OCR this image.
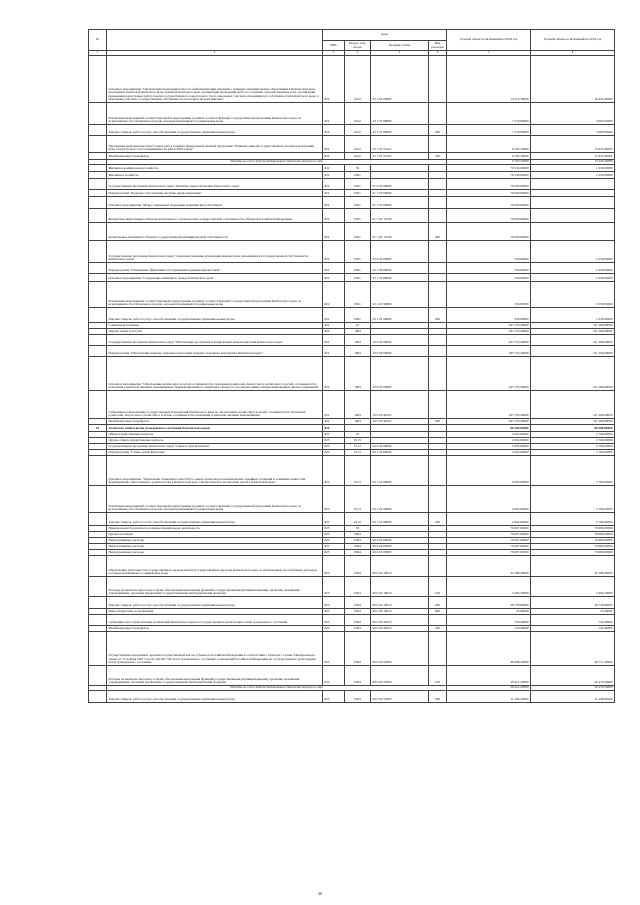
№		коды				Годовой объем ассигнований на 2018 год	Годовой объем ассигнований на 2019 год
		ГРБС	Раздел, под-раздел	Целевая статья	Вид расходов		
1	2	3	4	5	6	7	8
	Основное мероприятие "Организация проведения работ по информатизации сведений о границах муниципальных образований в Камчатском крае, населенных пунктов Камчатского края, границ Камчатского края, организация проведения работ по созданию опорной межевой сети, организация проведения кадастровых работ в целях государственного кадастрового учета земельных участков, находящихся в собственности Камчатского края, и земельных участков, государственная собственность на которые не разграничена"	822	0412	23 1 05 00000		14 375,39000	16 433,40000
	Реализация мероприятий соответствующей подпрограммы в рамках соответствующей государственной программы Камчатского края, за исключением обособленных расходов, которым присваиваются уникальные коды	822	0412	23 1 05 99990		7 579,69000	3 000,00000
	Закупка товаров, работ и услуг для обеспечения государственных (муниципальных) нужд	822	0412	23 1 05 99990	200	7 579,69000	3 000,00000
	Проведение комплексных кадастровых работ в рамках федеральной целевой программы "Развитие единой государственной системы регистрации прав и кадастрового учета недвижимости (2014-2019 годы)"	822	0412	23 1 05 55110		6 795,70000	13 433,40000
	Межбюджетные трансферты	822	0412	23 1 05 55110	500	6 795,70000	13 433,40000
	Расходы за счет средств федерального бюджета текущего года					6 795,70000	13 433,40000
	Жилищно-коммунальное хозяйство	822	05			70 530,00000	1 030,00000
	Жилищное хозяйство	822	0501			70 530,00000	1 030,00000
	Государственная программа Камчатского края "Развитие здравоохранения Камчатского края"	822	0501	01 0 00 00000		70 000,00000	
	Подпрограмма "Кадровое обеспечение системы здравоохранения"	822	0501	01 7 00 00000		70 000,00000	
	Основное мероприятие "Меры социальной поддержки медицинских работников"	822	0501	01 7 02 00000		70 000,00000	
	Бюджетные инвестиции в объекты капитального строительства государственной собственности субъектов Российской Федерации	822	0501	01 7 02 10130		70 000,00000	
	Капитальные вложения в объекты государственной (муниципальной) собственности	822	0501	01 7 02 10130	400	70 000,00000	
	Государственная программа Камчатского края "Совершенствование управления имуществом, находящимся в государственной собственности Камчатского края"	822	0501	23 0 00 00000		530,00000	1 030,00000
	Подпрограмма "Повышение эффективности управления краевым имуществом"	822	0501	23 1 00 00000		530,00000	1 030,00000
	Основное мероприятие "Содержание жилищного фонда Камчатского края"	822	0501	23 1 02 00000		530,00000	1 030,00000
	Реализация мероприятий соответствующей подпрограммы в рамках соответствующей государственной программы Камчатского края, за исключением обособленных расходов, которым присваиваются уникальные коды	822	0501	23 1 02 99990		530,00000	1 030,00000
	Закупка товаров, работ и услуг для обеспечения государственных (муниципальных) нужд	822	0501	23 1 02 99990	200	530,00000	1 030,00000
	Социальная политика	822	10			297 535,40000	311 266,60000
	Охрана семьи и детства	822	1004			297 535,40000	311 266,60000
	Государственная программа Камчатского края "Обеспечение доступным и комфортным жильем жителей Камчатского края"	822	1004	10 0 00 00000		297 535,40000	311 266,60000
	Подпрограмма "Обеспечение жильем отдельных категорий граждан отдельных категорий в Камчатском крае"	822	1004	10 9 00 00000		297 535,40000	311 266,60000
	Основное мероприятие "Обеспечение детей-сирот и детей, оставшихся без попечения родителей, лиц из числа детей-сирот и детей, оставшихся без попечения родителей, жилыми помещениями специализированного жилищного фонда по договорам найма специализированных жилых помещений"	822	1004	10 9 03 00000		297 535,40000	311 266,60000
	Субвенция на выполнение государственных полномочий Камчатского края по обеспечению детей-сирот и детей, оставшихся без попечения родителей, лиц из числа детей-сирот и детей, оставшихся без попечения родителей, жилыми помещениями	822	1004	10 9 03 40110		297 535,40000	311 266,60000
	Межбюджетные трансферты	822	1004	10 9 03 40110	500	297 535,40000	311 266,60000
10	Агентство записи актов гражданского состояния Камчатского края	825				86 209,00000	86 386,00000
	Общегосударственные вопросы	825	01			2 602,00000	2 706,00000
	Другие общегосударственные вопросы	825	0113			2 602,00000	2 706,00000
	Государственная программа Камчатского края "Семья и дети Камчатки"	825	0113	04 0 00 00000		2 602,00000	2 706,00000
	Подпрограмма "Самые детям Камчатки"	825	0113	04 1 00 00000		2 602,00000	2 706,00000
	Основное мероприятие "Укрепление социального института семьи, пропаганда положительных семейных традиций и семейных ценностей, формирование ответственного родительства в Камчатском крае. Патриотическое воспитание детей в Камчатском крае"	825	0113	04 1 02 00000		2 602,00000	2 706,00000
	Реализация мероприятий соответствующей подпрограммы в рамках соответствующей государственной программы Камчатского края, за исключением обособленных расходов, которым присваиваются уникальные коды	825	0113	04 1 02 99990		2 602,00000	2 706,00000
	Закупка товаров, работ и услуг для обеспечения государственных (муниципальных) нужд	825	0113	04 1 02 99990	200	2 602,00000	2 706,00000
	Национальная безопасность и правоохранительная деятельность	825	03			79 607,00000	79 680,00000
	Органы юстиции	825	0304			79 607,00000	79 680,00000
	Непрограммные расходы	825	0304	99 0 00 00000		79 607,00000	79 680,00000
	Непрограммные расходы	825	0304	99 0 00 00000		79 607,00000	79 680,00000
	Непрограммные расходы	825	0304	99 0 00 00000		79 607,00000	79 680,00000
	Обеспечение деятельности государственных органов власти (государственных органов) Камчатского края, за исключением обособленных расходов, которым присваиваются уникальные коды	825	0304	99 0 00 10010		32 188,40000	32 188,40000
	Расходы на выплаты персоналу в целях обеспечения выполнения функций государственными (муниципальными) органами, казенными учреждениями, органами управления государственными внебюджетными фондами	825	0304	99 0 00 10010	100	3 404,50000	3 404,50000
	Закупка товаров, работ и услуг для обеспечения государственных (муниципальных) нужд	825	0304	99 0 00 10010	200	28 758,90000	28 758,90000
	Иные бюджетные ассигнования	825	0304	99 0 00 10010	800	25,00000	25,00000
	Субвенции для осуществления полномочий Камчатского края на государственную регистрацию актов гражданского состояния	825	0304	99 0 00 40270		720,40000	720,40000
	Межбюджетные трансферты	825	0304	99 0 00 40270	500	720,40000	720,40000
	Осуществление переданных органам государственной власти субъектов Российской Федерации в соответствии с пунктом 1 статьи 4 Федерального закона от 15 ноября 1997 года № 143-ФЗ "Об актах гражданского состояния" полномочий Российской Федерации на государственную регистрацию актов гражданского состояния	825	0304	99 0 00 59300		46 698,20000	46 771,20000
	Расходы на выплаты персоналу в целях обеспечения выполнения функций государственными (муниципальными) органами, казенными учреждениями, органами управления государственными внебюджетными фондами	825	0304	99 0 00 59300	100	26 421,20000	26 476,50000
	Расходы за счет средств федерального бюджета текущего года					26 421,20000	26 476,50000
	Закупка товаров, работ и услуг для обеспечения государственных (муниципальных) нужд	825	0304	99 0 00 59300	200	11 296,20000	11 298,00000
46
